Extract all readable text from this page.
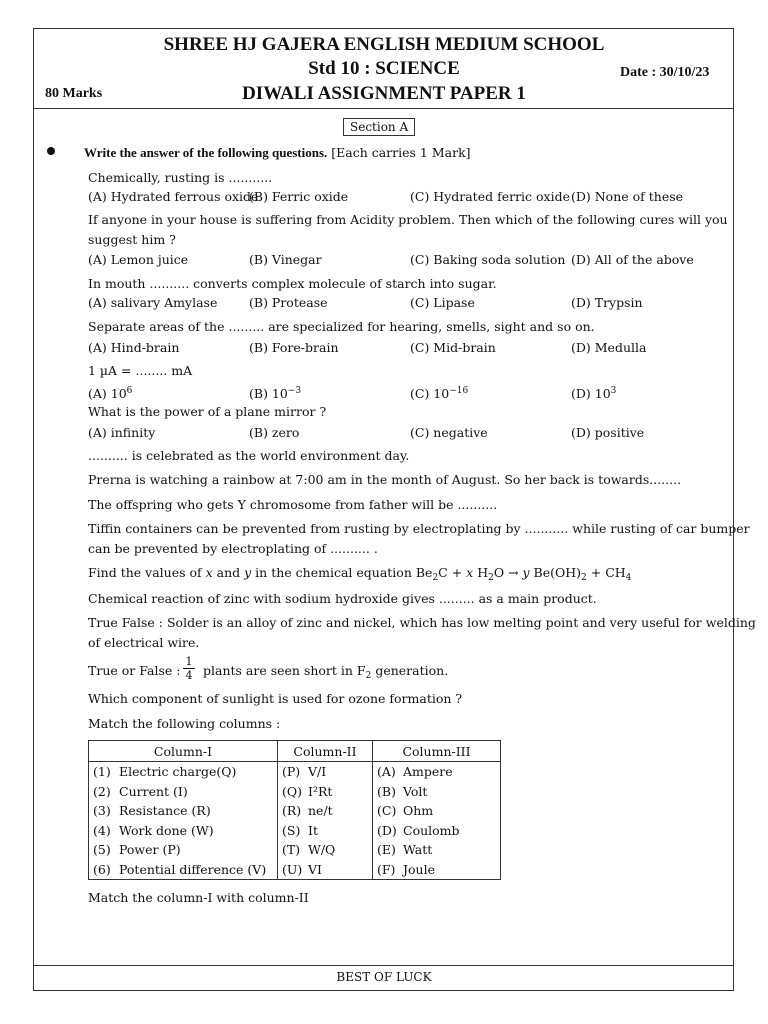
SHREE HJ GAJERA ENGLISH MEDIUM SCHOOL
Std 10 : SCIENCE
DIWALI ASSIGNMENT PAPER 1
80 Marks
Date : 30/10/23
Section A
Write the answer of the following questions. [Each carries 1 Mark]
Chemically, rusting is ...........
(A) Hydrated ferrous oxide
(B) Ferric oxide	(C) Hydrated ferric oxide (D) None of these
If anyone in your house is suffering from Acidity problem. Then which of the following cures will you
suggest him ?
(A) Lemon juice	(B) Vinegar	(C) Baking soda solution (D) All of the above
In mouth .......... converts complex molecule of starch into sugar.
(A) salivary Amylase	(B) Protease	(C) Lipase	(D) Trypsin
Separate areas of the ......... are specialized for hearing, smells, sight and so on.
(A) Hind-brain	(B) Fore-brain	(C) Mid-brain	(D) Medulla
1 µA = ........ mA
(A) $10^6$	(B) $10^{-3}$	(C) $10^{-16}$	(D) $10^3$
What is the power of a plane mirror ?
(A) infinity	(B) zero	(C) negative	(D) positive
.......... is celebrated as the world environment day.
Prerna is watching a rainbow at 7:00 am in the month of August. So her back is towards........
The offspring who gets Y chromosome from father will be ..........
Tiffin containers can be prevented from rusting by electroplating by ........... while rusting of car bumper
can be prevented by electroplating of .......... .
Find the values of x and y in the chemical equation $Be_2C + x$ $H_2O \to y$ $Be(OH)_2 + CH_4$
Chemical reaction of zinc with sodium hydroxide gives ......... as a main product.
True False : Solder is an alloy of zinc and nickel, which has low melting point and very useful for welding
of electrical wire.
True or False : $\frac{1}{4}$ plants are seen short in $F_2$ generation.
Which component of sunlight is used for ozone formation ?
Match the following columns :
Column-I	Column-II	Column-III
(1) Electric charge(Q)	(P) V/I	(A) Ampere
(2) Current (I)	(Q) I²Rt	(B) Volt
(3) Resistance (R)	(R) ne/t	(C) Ohm
(4) Work done (W)	(S) It	(D) Coulomb
(5) Power (P)	(T) W/Q	(E) Watt
(6) Potential difference (V)	(U) VI	(F) Joule
Match the column-I with column-II
BEST OF LUCK
